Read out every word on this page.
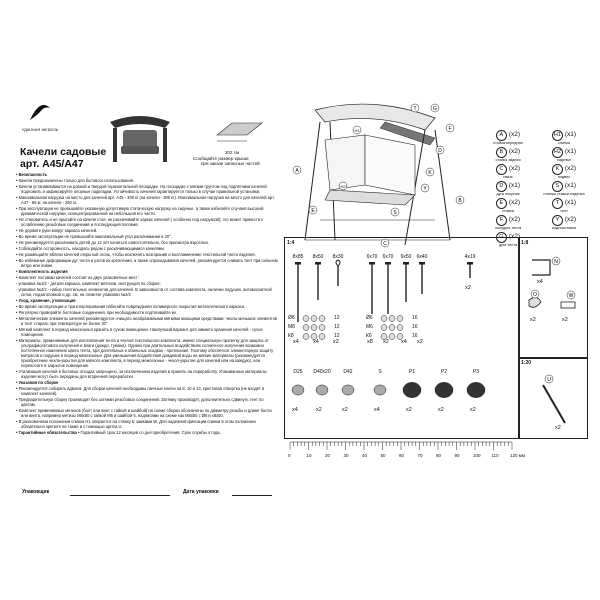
УДАЧНАЯ ЖЕБЕЛЬ
Качели садовые
арт. А45/А47
202 см
Сообщайте размер крыши
при заказе запасных частей

• Безопасность

• Качели предназначены только для бытового использования.

• Качели устанавливаются на ровной и твердой горизонтальной площадке. На площадке с мягким грунтом под подпятники качелей подложить и зафиксируйте опорные подкладки. Устойчивость качелей гарантируется только в случае правильной установки.

• Максимальная нагрузка на место для качелей арт. А45 - 300 кг (на качели - 300 кг). Максимальная нагрузка на место для качелей арт. А47 - 86 кг, на качели - 260 кг.

• При эксплуатации не превышайте указанную допустимую статическую нагрузку на сиденье, а также избегайте случаев высокой динамической нагрузки, сконцентрированной на небольшой его части.

• Не становитесь и не прыгайте на качели стоя; не раскачивайте каркас качелей ( особенно под нагрузкой); это может привести к ослаблению резьбовых соединений и последующей поломке.

• Не держите руки вокруг каркаса качелей.

• Во время эксплуатации не превышайте максимальный угол раскачивания в 20°.

• Не рекомендуется раскачивать детей до 12 лет качаться самостоятельно, без присмотра взрослых.

• Соблюдайте осторожность, находясь рядом с раскачивающимися качелями.

• Не размещайте вблизи качелей открытый огонь, чтобы исключить возгорания и воспламенение текстильной части изделия.

• Во избежание деформации дуг тента и узлов их крепления, а также опрокидывания качелей, рекомендуется снимать тент при сильном ветре или ливне.

• Комплектность изделия

• Комплект поставки качелей состоит из двух упаковочных мест:

- упаковка №1/2 - детали каркаса, комплект метизов, инструкция по сборке;

- упаковка №2/2 - набор текстильных элементов для качелей. В зависимости от состава комплекта, наличии подушек, антимоскитной сетки, подзаголовков и др. см. на этикетке упаковки №2/2.

• Уход, хранение, утилизация

• Во время эксплуатации и транспортирования избегайте повреждения полимерного покрытия металлического каркаса.

• Регулярно проверяйте болтовые соединения, при необходимости подтягивайте их.

• Металлические элементы качелей рекомендуется очищать неабразивными мягкими моющими средствами; чехлы меньших элементов и тент стирать при температуре не более 30°.

• Мягкий комплект в период межсезонья хранить в сухом помещении. Наилучший вариант для зимнего хранения качелей - сухое помещение.

• Материалы, применяемые для изготовления тента и чехлов текстильного комплекта, имеют специальную пропитку для защиты от ультрафиолетового излучения и влаги (дождя, тумана). Однако при длительных воздействиях солнечного излучения возможно постепенное изменение цвета тента, при длительных и обильных осадках - протекание. Поэтому обеспечьте элементарную защиту матрасов и подушек в период межсезонья. Для уменьшения воздействия дождевой воды на мягкие материалы (рекомендуется приобретение чехла-укрытия для мягкого комплекта, в период межсезонья - чехол-укрытие для качелей или на каждую), или переносите в закрытое помещение.

• Утилизация качелей в бытовых отходах запрещено, за исключением изделий и принять на переработку. Упакованные материалы изделия могут быть переданы для вторичной переработки.

• Указания по сборке

• Рекомендуется собирать вдвоем. Для сборки качелей необходимы гаечные ключи на 8, 10 и 13, крестовая отвертка (не входят в комплект качелей).

• Предварительную сборку производят без затяжки резьбовых соединений. Затяжку производят, дополнительно сдвинуть тент по цветам.

• Комплект применяемых метизов (болт или винт с гайкой и шайбой) на схеме сборки обозначены по диаметру резьбы и длине болта или винта, например метизы М8х50 с гайкой М6 и шайбой 6, надписями на схеме как М8х50 с Ø6 и х8х50.

• В разложенном положении спинка Н1 опирается на стяжку Е замками W. Для надежной фиксации спинки в этом положении обязательно крепите ее также и с помощью щитка U.

• Гарантийные обязательства • Гарантийный срок 12 месяцев со дня приобретения. Срок службы 4 года.

Упаковщик	Дата упаковки
T
H1
H2
E
A
B
C
D
F
G
K
S
Y
A (x2)
стойка передняя
H1 (x1)
спинка
B (x2)
стойка задняя
H2 (x1)
сиденье
C (x2)
связь
K (x2)
подвес
D (x1)
дуга опорная
S (x1)
планка стяжки-сиденья
E (x2)
стяжка
T (x1)
тент
F (x2)
полудуга тента
Y (x2)
подлокотники
G (x2)
дуга тента
1:4
8x85
x4
8x50
x4
8x30
x2
6x70
x8
6x70
x2
6x50
x4
6x40
x2
4x19
x2
Ø8	12
M8	12
К8	12
Ø6	16
M6	16
К6	16
D25
x4
D40x20
x2
D42
x2
S
x4
P1
x2
P2
x2
P3
x2
1:8
N
x4
O
x2
W
x2
1:20
U
x2
0	10	20	30	40	50	60	70	80	90	100 110	120 мм
